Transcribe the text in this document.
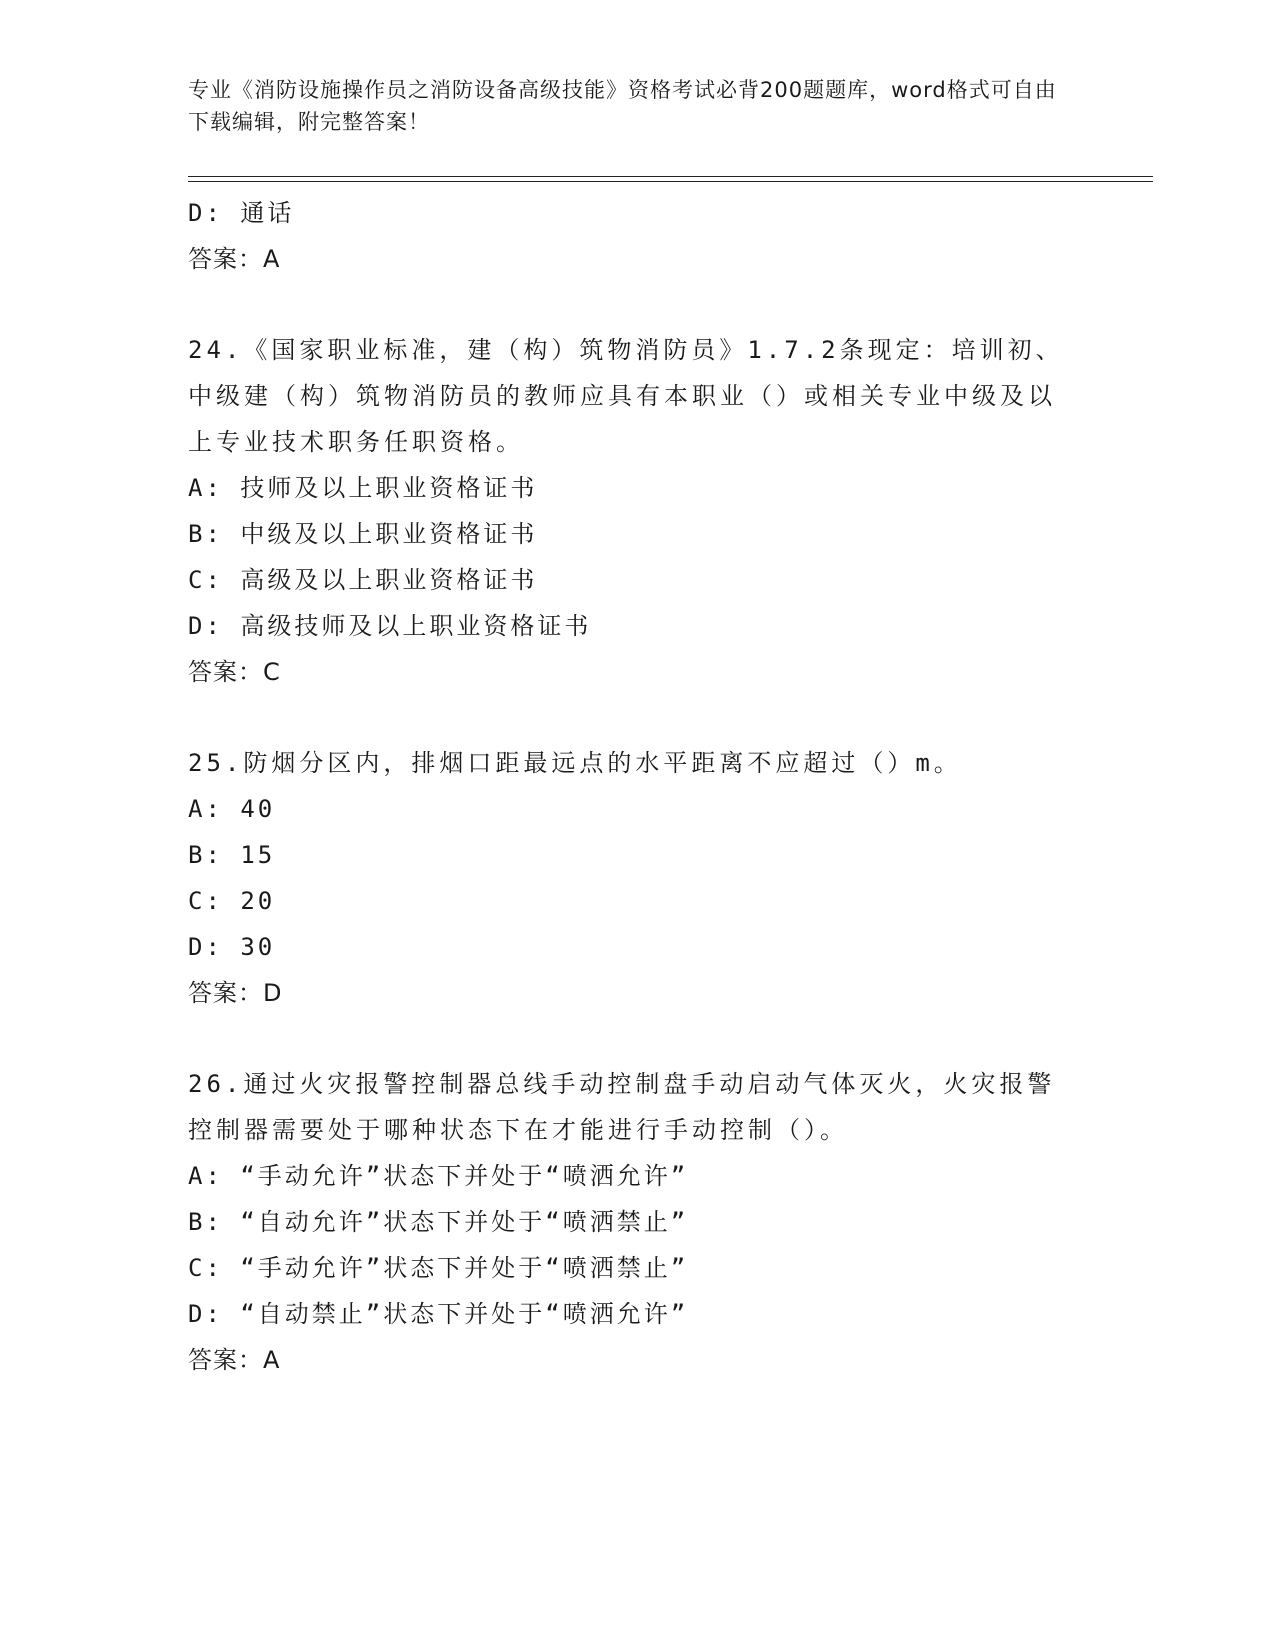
专业《消防设施操作员之消防设备高级技能》资格考试必背200题题库，word格式可自由下载编辑，附完整答案！
D: 通话
答案：A
24.《国家职业标准，建（构）筑物消防员》1.7.2条现定：培训初、中级建（构）筑物消防员的教师应具有本职业（）或相关专业中级及以上专业技术职务任职资格。
A: 技师及以上职业资格证书
B: 中级及以上职业资格证书
C: 高级及以上职业资格证书
D: 高级技师及以上职业资格证书
答案：C
25.防烟分区内，排烟口距最远点的水平距离不应超过（）m。
A: 40
B: 15
C: 20
D: 30
答案：D
26.通过火灾报警控制器总线手动控制盘手动启动气体灭火，火灾报警控制器需要处于哪种状态下在才能进行手动控制（）。
A: “手动允许”状态下并处于“喷洒允许”
B: “自动允许”状态下并处于“喷洒禁止”
C: “手动允许”状态下并处于“喷洒禁止”
D: “自动禁止”状态下并处于“喷洒允许”
答案：A
